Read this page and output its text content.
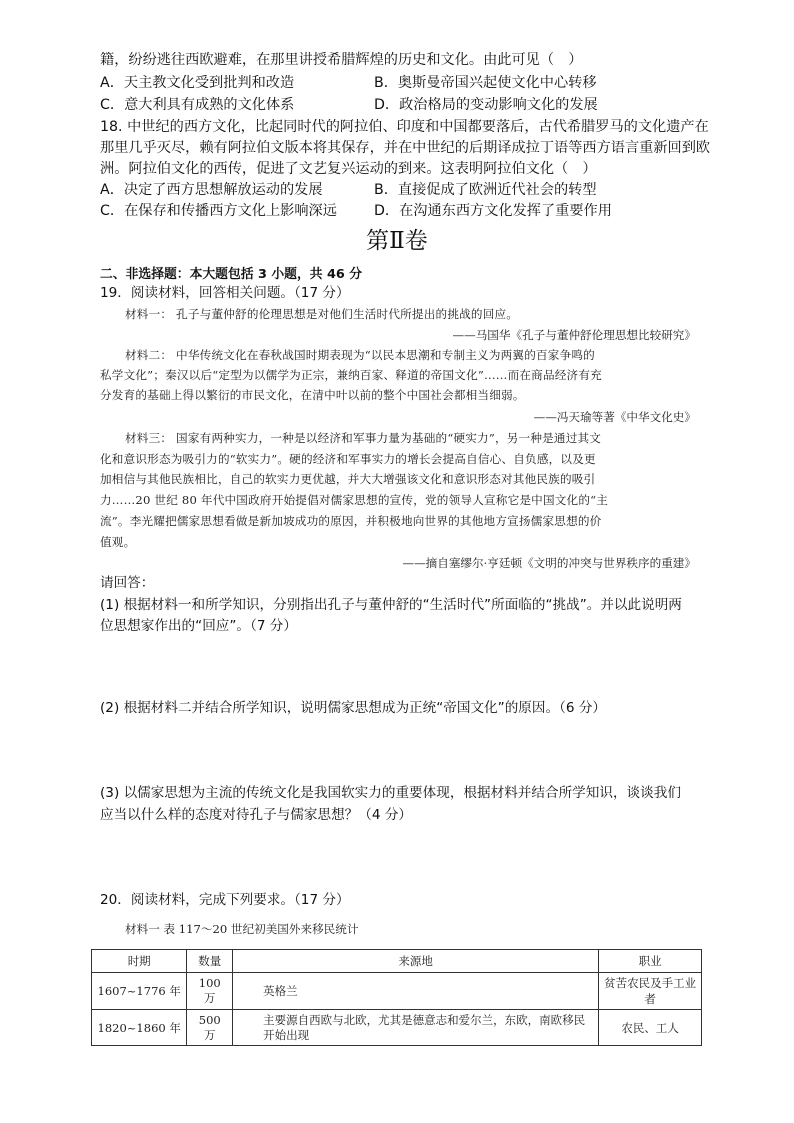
籍，纷纷逃往西欧避难，在那里讲授希腊辉煌的历史和文化。由此可见（　）
A．天主教文化受到批判和改造	B．奥斯曼帝国兴起使文化中心转移
C．意大利具有成熟的文化体系	D．政治格局的变动影响文化的发展
18. 中世纪的西方文化，比起同时代的阿拉伯、印度和中国都要落后，古代希腊罗马的文化遗产在
那里几乎灭尽，赖有阿拉伯文版本将其保存，并在中世纪的后期译成拉丁语等西方语言重新回到欧
洲。阿拉伯文化的西传，促进了文艺复兴运动的到来。这表明阿拉伯文化（　）
A．决定了西方思想解放运动的发展	B．直接促成了欧洲近代社会的转型
C．在保存和传播西方文化上影响深远	D．在沟通东西方文化发挥了重要作用
第Ⅱ卷
二、非选择题：本大题包括 3 小题，共 46 分
19．阅读材料，回答相关问题。（17 分）
材料一： 孔子与董仲舒的伦理思想是对他们生活时代所提出的挑战的回应。
——马国华《孔子与董仲舒伦理思想比较研究》
材料二： 中华传统文化在春秋战国时期表现为“以民本思潮和专制主义为两翼的百家争鸣的
私学文化”；秦汉以后“定型为以儒学为正宗，兼纳百家、释道的帝国文化”……而在商品经济有充
分发育的基础上得以繁衍的市民文化，在清中叶以前的整个中国社会都相当细弱。
——冯天瑜等著《中华文化史》
材料三： 国家有两种实力，一种是以经济和军事力量为基础的“硬实力”，另一种是通过其文
化和意识形态为吸引力的“软实力”。硬的经济和军事实力的增长会提高自信心、自负感，以及更
加相信与其他民族相比，自己的软实力更优越，并大大增强该文化和意识形态对其他民族的吸引
力……20 世纪 80 年代中国政府开始提倡对儒家思想的宣传，党的领导人宣称它是中国文化的“主
流”。李光耀把儒家思想看做是新加坡成功的原因，并积极地向世界的其他地方宣扬儒家思想的价
值观。
——摘自塞缪尔·亨廷顿《文明的冲突与世界秩序的重建》
请回答：
(1) 根据材料一和所学知识，分别指出孔子与董仲舒的“生活时代”所面临的“挑战”。并以此说明两
位思想家作出的“回应”。（7 分）
(2) 根据材料二并结合所学知识，说明儒家思想成为正统“帝国文化”的原因。（6 分）
(3) 以儒家思想为主流的传统文化是我国软实力的重要体现，根据材料并结合所学知识，谈谈我们
应当以什么样的态度对待孔子与儒家思想？（4 分）
20．阅读材料，完成下列要求。（17 分）
材料一 表 117～20 世纪初美国外来移民统计
时期	数量	来源地	职业
1607~1776 年	100 万	英格兰	贫苦农民及手工业者
1820~1860 年	500 万	主要源自西欧与北欧，尤其是德意志和爱尔兰，东欧，南欧移民开始出现	农民、工人
